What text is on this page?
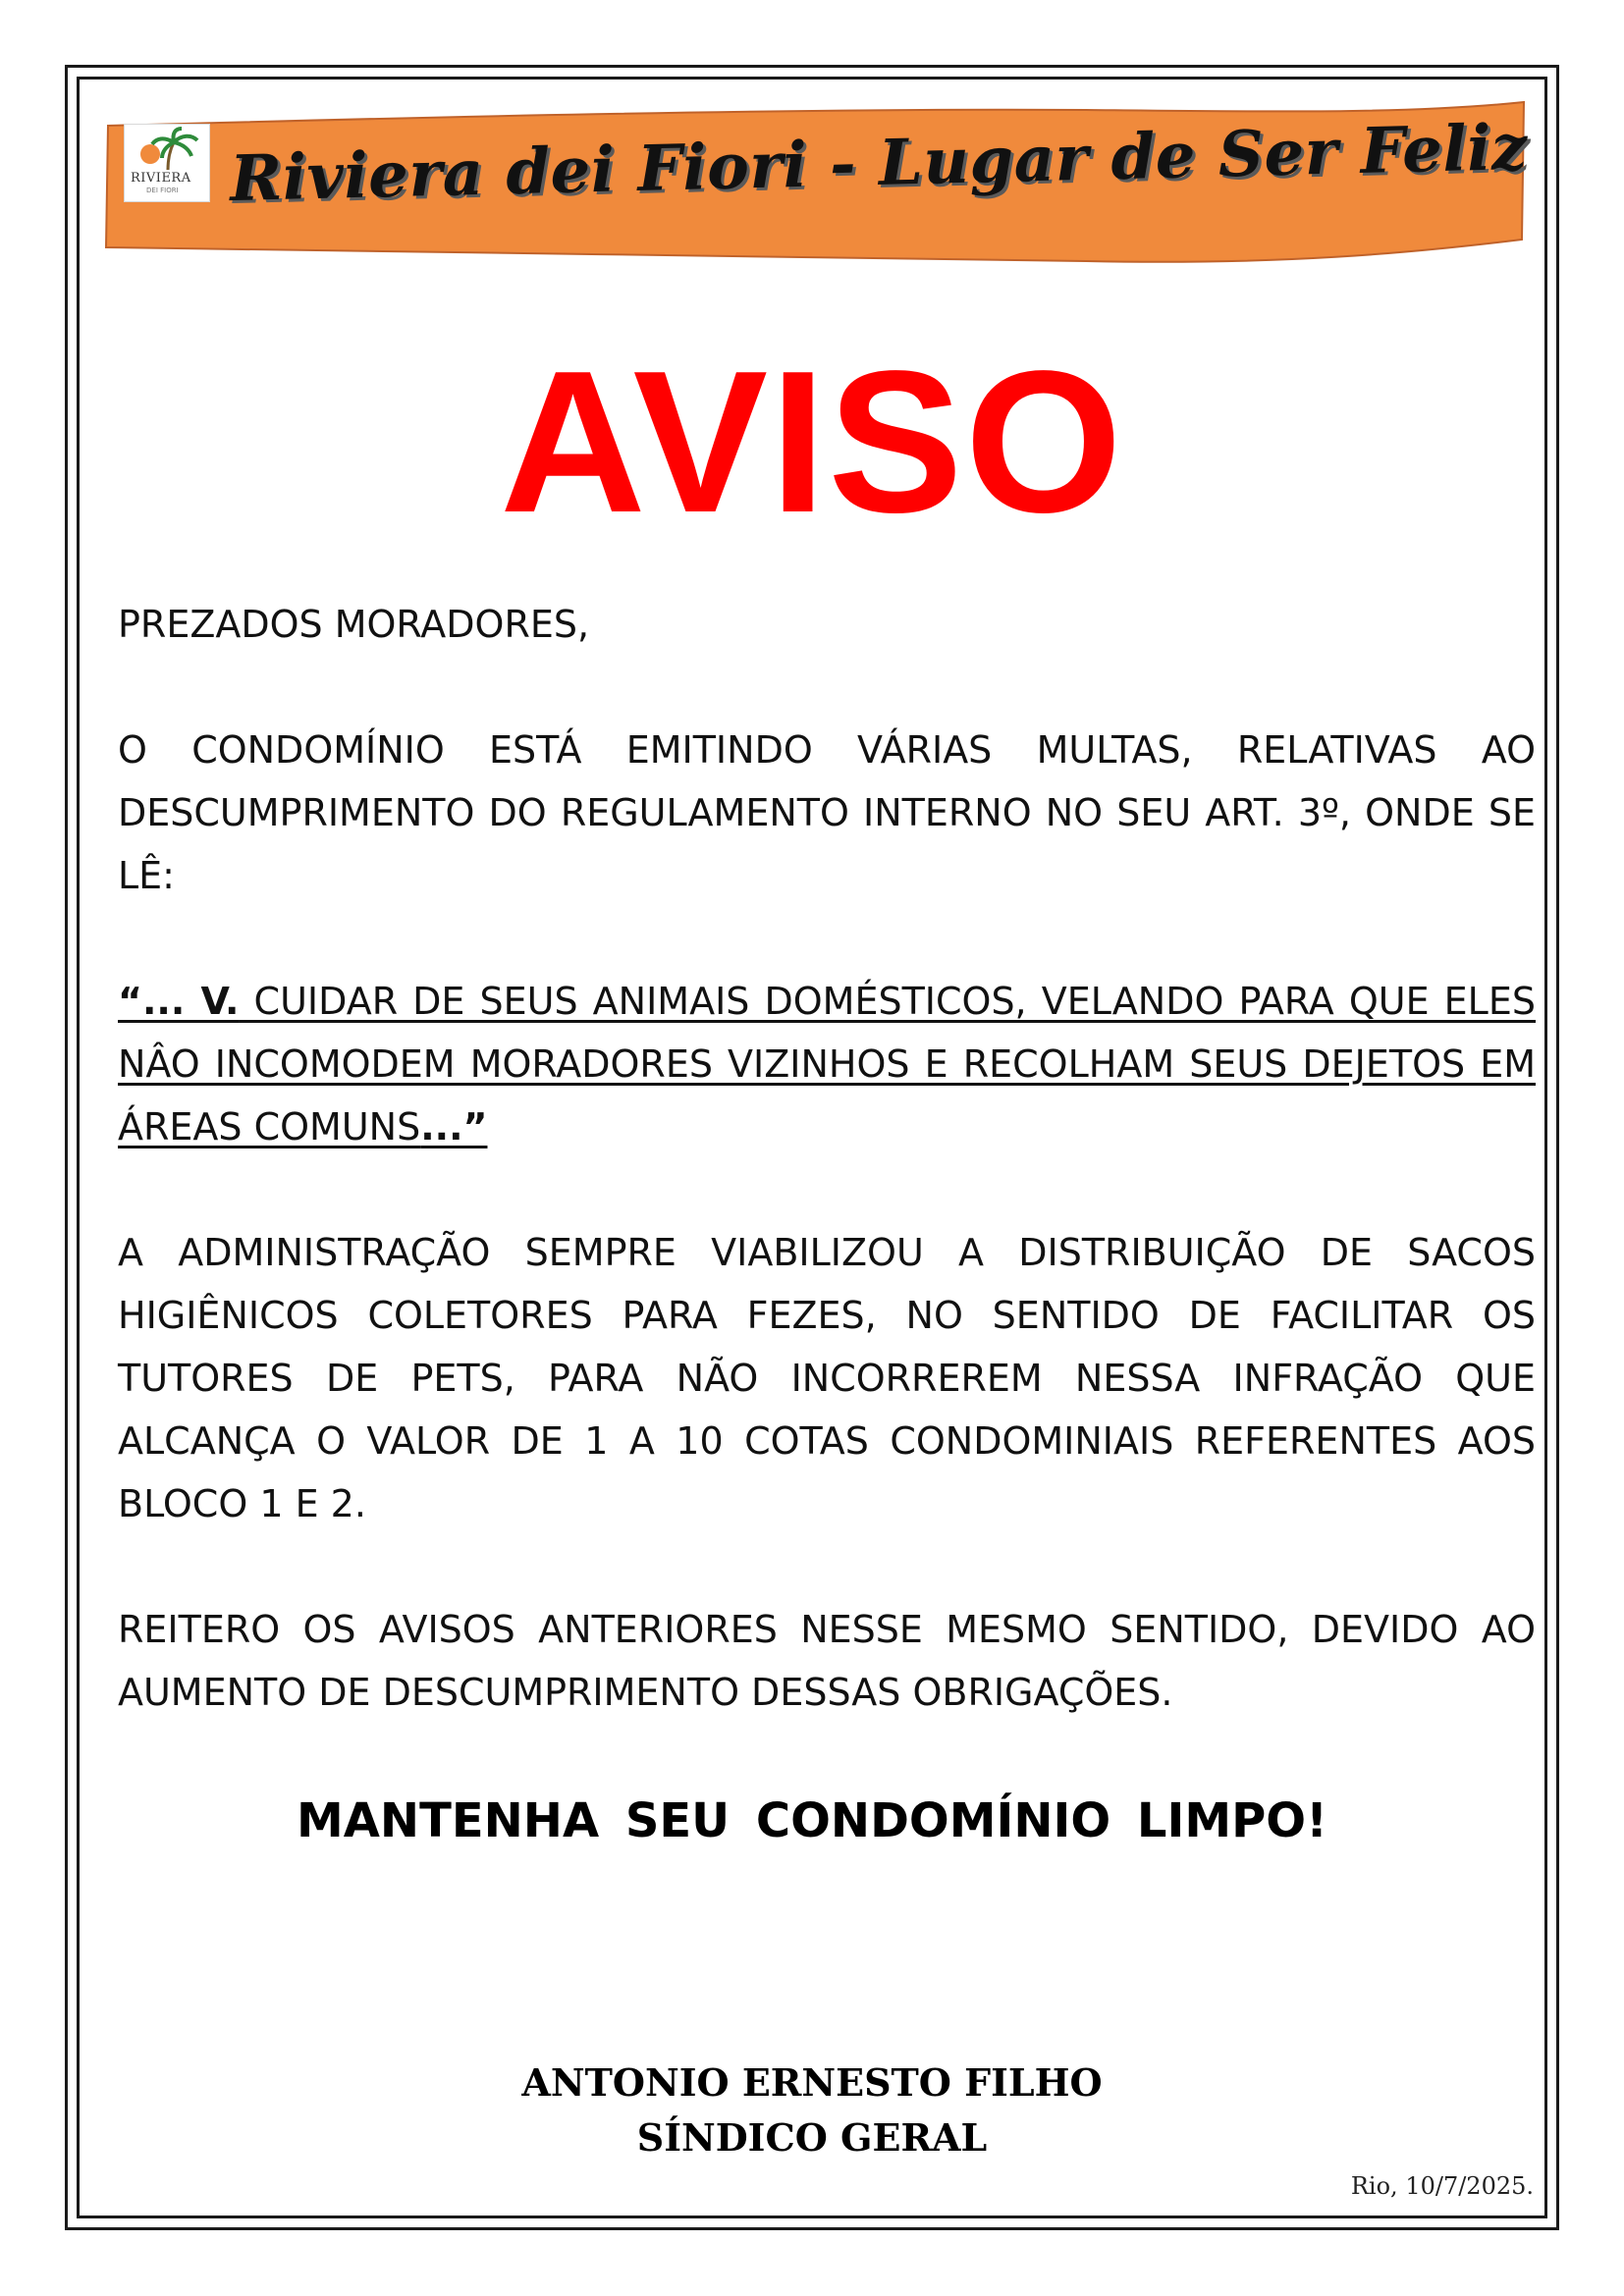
RIVIERA
DEI FIORI Riviera dei Fiori - Lugar de Ser Feliz
AVISO
PREZADOS MORADORES,
O CONDOMÍNIO ESTÁ EMITINDO VÁRIAS MULTAS, RELATIVAS AO DESCUMPRIMENTO DO REGULAMENTO INTERNO NO SEU ART. 3º, ONDE SE LÊ:
“... V. CUIDAR DE SEUS ANIMAIS DOMÉSTICOS, VELANDO PARA QUE ELES NÂO INCOMODEM MORADORES VIZINHOS E RECOLHAM SEUS DEJETOS EM ÁREAS COMUNS...”
A ADMINISTRAÇÃO SEMPRE VIABILIZOU A DISTRIBUIÇÃO DE SACOS HIGIÊNICOS COLETORES PARA FEZES, NO SENTIDO DE FACILITAR OS TUTORES DE PETS, PARA NÃO INCORREREM NESSA INFRAÇÃO QUE ALCANÇA O VALOR DE 1 A 10 COTAS CONDOMINIAIS REFERENTES AOS BLOCO 1 E 2.
REITERO OS AVISOS ANTERIORES NESSE MESMO SENTIDO, DEVIDO AO AUMENTO DE DESCUMPRIMENTO DESSAS OBRIGAÇÕES.
MANTENHA SEU CONDOMÍNIO LIMPO!
ANTONIO ERNESTO FILHO
SÍNDICO GERAL
Rio, 10/7/2025.
